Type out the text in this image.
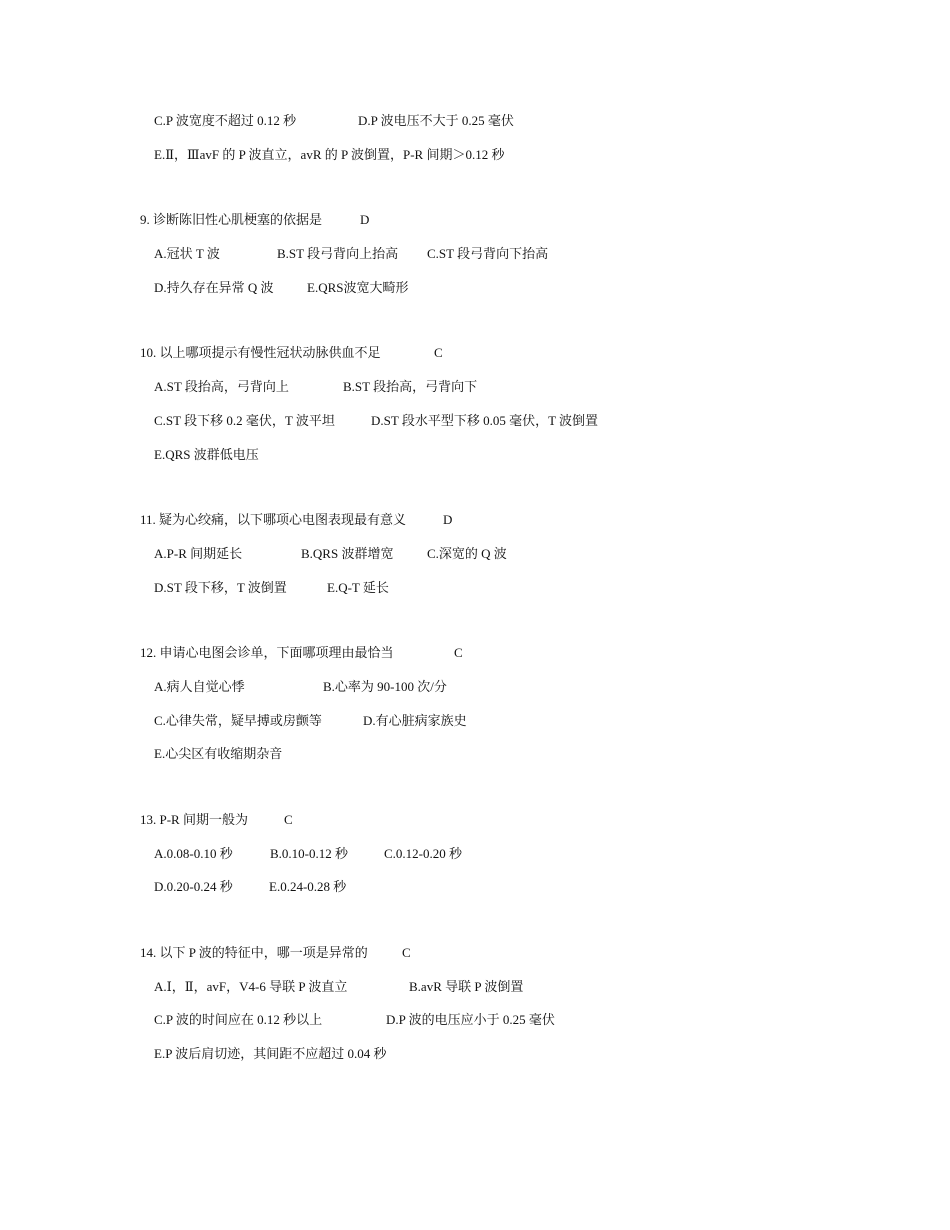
C.P 波宽度不超过 0.12 秒	D.P 波电压不大于 0.25 毫伏
E.Ⅱ，ⅢavF 的 P 波直立，avR 的 P 波倒置，P-R 间期＞0.12 秒
9. 诊断陈旧性心肌梗塞的依据是	D
A.冠状 T 波	B.ST 段弓背向上抬高 C.ST 段弓背向下抬高
D.持久存在异常 Q 波	E.QRS波宽大畸形
10. 以上哪项提示有慢性冠状动脉供血不足	C
A.ST 段抬高，弓背向上	B.ST 段抬高，弓背向下
C.ST 段下移 0.2 毫伏，T 波平坦	D.ST 段水平型下移 0.05 毫伏，T 波倒置
E.QRS 波群低电压
11. 疑为心绞痛，以下哪项心电图表现最有意义	D
A.P-R 间期延长	B.QRS 波群增宽	C.深宽的 Q 波
D.ST 段下移，T 波倒置	E.Q-T 延长
12. 申请心电图会诊单，下面哪项理由最恰当	C
A.病人自觉心悸	B.心率为 90-100 次/分
C.心律失常，疑早搏或房颤等	D.有心脏病家族史
E.心尖区有收缩期杂音
13. P-R 间期一般为	C
A.0.08-0.10 秒	B.0.10-0.12 秒	C.0.12-0.20 秒
D.0.20-0.24 秒	E.0.24-0.28 秒
14. 以下 P 波的特征中，哪一项是异常的	C
A.Ⅰ，Ⅱ，avF，V4-6 导联 P 波直立	B.avR 导联 P 波倒置
C.P 波的时间应在 0.12 秒以上	D.P 波的电压应小于 0.25 毫伏
E.P 波后肩切迹，其间距不应超过 0.04 秒
